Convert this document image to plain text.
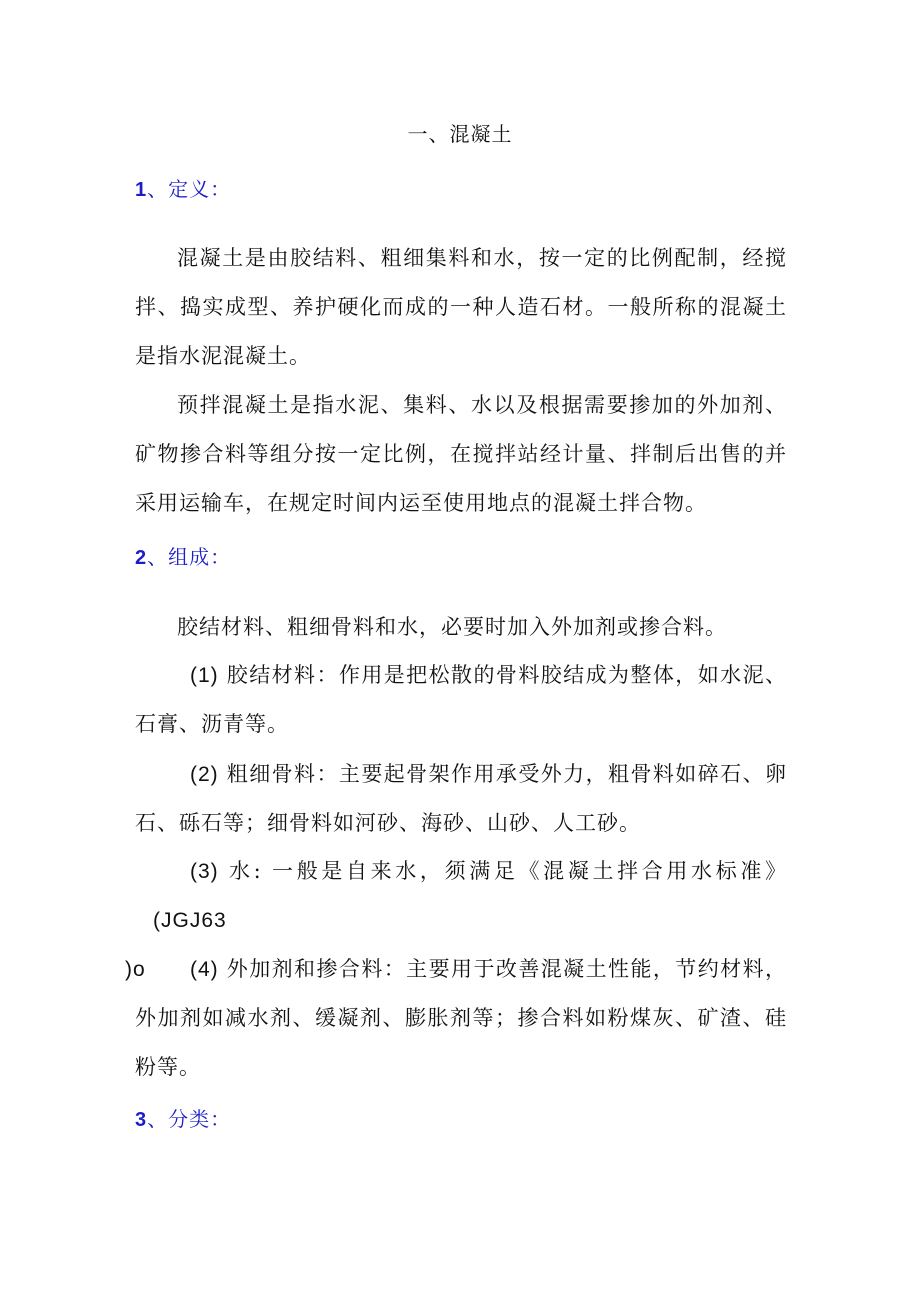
一、混凝土
1、定义：
混凝土是由胶结料、粗细集料和水，按一定的比例配制，经搅拌、捣实成型、养护硬化而成的一种人造石材。一般所称的混凝土是指水泥混凝土。
预拌混凝土是指水泥、集料、水以及根据需要掺加的外加剂、矿物掺合料等组分按一定比例，在搅拌站经计量、拌制后出售的并采用运输车，在规定时间内运至使用地点的混凝土拌合物。
2、组成：
胶结材料、粗细骨料和水，必要时加入外加剂或掺合料。
(1) 胶结材料：作用是把松散的骨料胶结成为整体，如水泥、石膏、沥青等。
(2) 粗细骨料：主要起骨架作用承受外力，粗骨料如碎石、卵石、砾石等；细骨料如河砂、海砂、山砂、人工砂。
(3) 水: 一般是自来水，须满足《混凝土拌合用水标准》 (JGJ63
)o	(4) 外加剂和掺合料：主要用于改善混凝土性能，节约材料，外加剂如减水剂、缓凝剂、膨胀剂等；掺合料如粉煤灰、矿渣、硅粉等。
3、分类：
